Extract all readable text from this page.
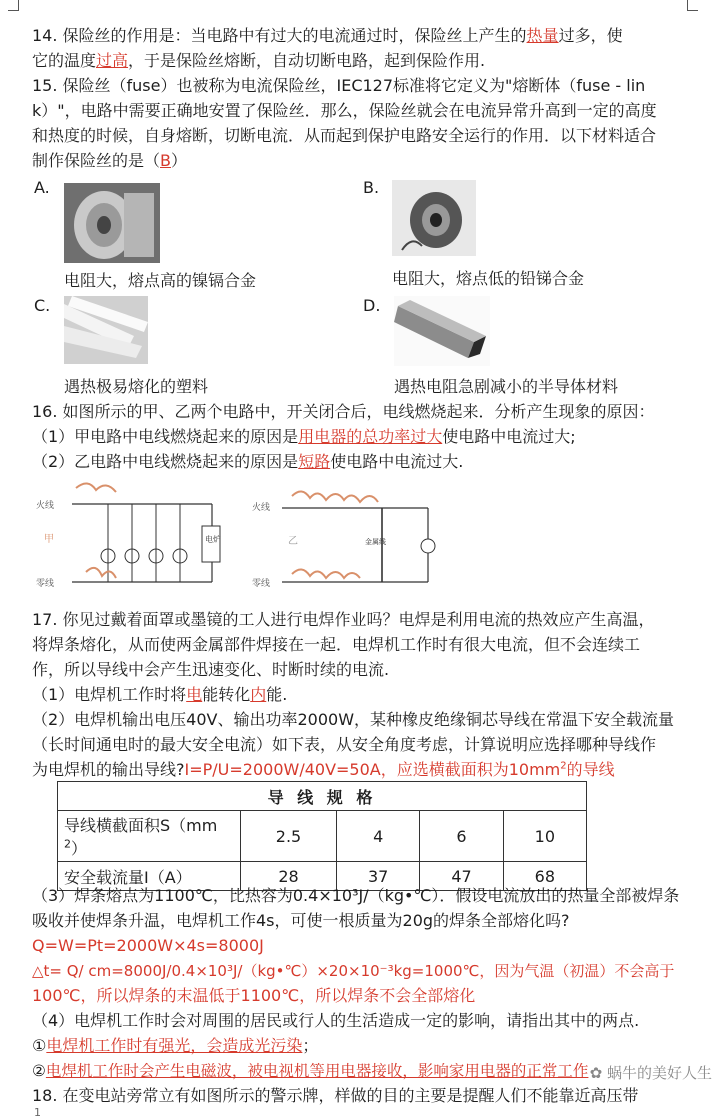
14. 保险丝的作用是：当电路中有过大的电流通过时，保险丝上产生的热量过多，使
它的温度过高，于是保险丝熔断，自动切断电路，起到保险作用.
15. 保险丝（fuse）也被称为电流保险丝，IEC127标准将它定义为"熔断体（fuse - lin
k）"，电路中需要正确地安置了保险丝．那么，保险丝就会在电流异常升高到一定的高度
和热度的时候，自身熔断，切断电流．从而起到保护电路安全运行的作用．以下材料适合
制作保险丝的是（B）
A.
电阻大，熔点高的镍镉合金
B.
电阻大，熔点低的铅锑合金
C.
遇热极易熔化的塑料
D.
遇热电阻急剧减小的半导体材料
16. 如图所示的甲、乙两个电路中，开关闭合后，电线燃烧起来．分析产生现象的原因：
（1）甲电路中电线燃烧起来的原因是用电器的总功率过大使电路中电流过大;
（2）乙电路中电线燃烧起来的原因是短路使电路中电流过大.
火线
零线
甲	电炉
火线
零线
乙	金属线
17. 你见过戴着面罩或墨镜的工人进行电焊作业吗？电焊是利用电流的热效应产生高温，
将焊条熔化，从而使两金属部件焊接在一起．电焊机工作时有很大电流，但不会连续工
作，所以导线中会产生迅速变化、时断时续的电流.
（1）电焊机工作时将电能转化内能.
（2）电焊机输出电压40V、输出功率2000W，某种橡皮绝缘铜芯导线在常温下安全载流量
（长时间通电时的最大安全电流）如下表，从安全角度考虑，计算说明应选择哪种导线作
为电焊机的输出导线?I=P/U=2000W/40V=50A，应选横截面积为$10mm^2$的导线
导 线 规 格				
导线横截面积S（mm
$^2$）	2.5	4	6	10
安全载流量I（A）	28	37	47	68
（3）焊条熔点为1100℃，比热容为0.4×10³J/（kg•℃）．假设电流放出的热量全部被焊条
吸收并使焊条升温，电焊机工作4s，可使一根质量为20g的焊条全部熔化吗?
Q=W=Pt=2000W×4s=8000J
△t= Q/ cm=8000J/0.4×10³J/（kg•℃）×20×10⁻³kg=1000℃，因为气温（初温）不会高于
100℃，所以焊条的末温低于1100℃，所以焊条不会全部熔化
（4）电焊机工作时会对周围的居民或行人的生活造成一定的影响，请指出其中的两点.
①电焊机工作时有强光，会造成光污染；
②电焊机工作时会产生电磁波，被电视机等用电器接收，影响家用电器的正常工作
18. 在变电站旁常立有如图所示的警示牌，样做的目的主要是提醒人们不能靠近高压带
1
✿ 蜗牛的美好人生
